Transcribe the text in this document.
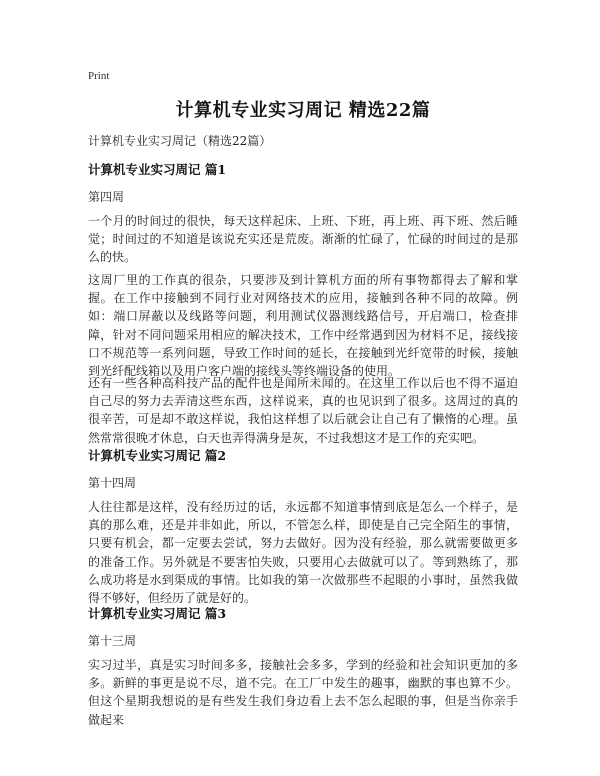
Print
计算机专业实习周记 精选22篇
计算机专业实习周记（精选22篇）
计算机专业实习周记 篇1
第四周

一个月的时间过的很快，每天这样起床、上班、下班，再上班、再下班、然后睡觉；时间过的不知道是该说充实还是荒废。渐渐的忙碌了，忙碌的时间过的是那么的快。

这周厂里的工作真的很杂，只要涉及到计算机方面的所有事物都得去了解和掌握。在工作中接触到不同行业对网络技术的应用，接触到各种不同的故障。例如：端口屏蔽以及线路等问题，利用测试仪器测线路信号，开启端口，检查排障，针对不同问题采用相应的解决技术，工作中经常遇到因为材料不足，接线接口不规范等一系列问题，导致工作时间的延长，在接触到光纤宽带的时候，接触到光纤配线箱以及用户客户端的接线头等终端设备的使用。

还有一些各种高科技产品的配件也是闻所未闻的。在这里工作以后也不得不逼迫自己尽的努力去弄清这些东西，这样说来，真的也见识到了很多。这周过的真的很辛苦，可是却不敢这样说，我怕这样想了以后就会让自己有了懒惰的心理。虽然常常很晚才休息，白天也弄得满身是灰，不过我想这才是工作的充实吧。

计算机专业实习周记 篇2
第十四周

人往往都是这样，没有经历过的话，永远都不知道事情到底是怎么一个样子，是真的那么难，还是并非如此，所以，不管怎么样，即使是自己完全陌生的事情，只要有机会，都一定要去尝试，努力去做好。因为没有经验，那么就需要做更多的准备工作。另外就是不要害怕失败，只要用心去做就可以了。等到熟练了，那么成功将是水到渠成的事情。比如我的第一次做那些不起眼的小事时，虽然我做得不够好，但经历了就是好的。

计算机专业实习周记 篇3
第十三周

实习过半，真是实习时间多多，接触社会多多，学到的经验和社会知识更加的多多。新鲜的事更是说不尽，道不完。在工厂中发生的趣事，幽默的事也算不少。但这个星期我想说的是有些发生我们身边看上去不怎么起眼的事，但是当你亲手做起来
